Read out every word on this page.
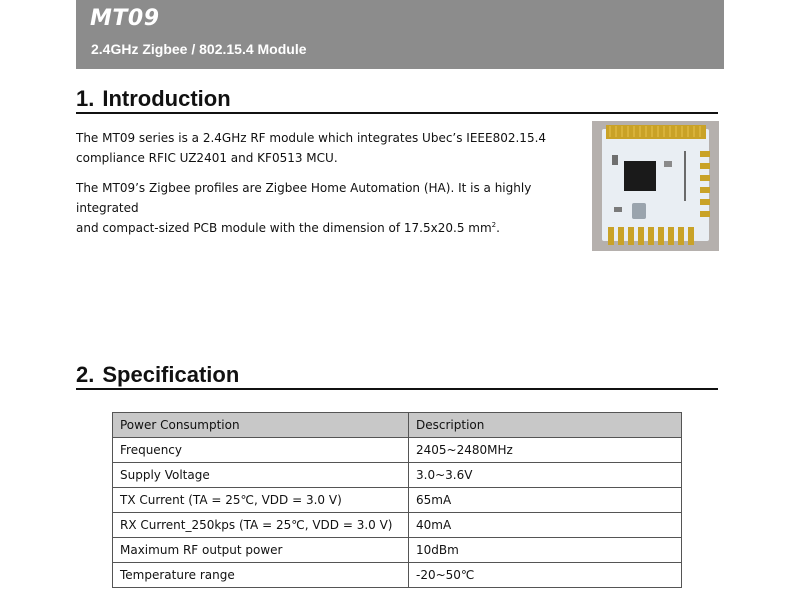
MT09
2.4GHz Zigbee / 802.15.4 Module
1. Introduction
The MT09 series is a 2.4GHz RF module which integrates Ubec’s IEEE802.15.4
compliance RFIC UZ2401 and KF0513 MCU.
The MT09’s Zigbee profiles are Zigbee Home Automation (HA). It is a highly integrated
and compact-sized PCB module with the dimension of 17.5x20.5 $mm^2$.
2. Specification
Power Consumption	Description
Frequency	2405~2480MHz
Supply Voltage	3.0~3.6V
TX Current (TA = 25℃, VDD = 3.0 V)	65mA
RX Current_250kps (TA = 25℃, VDD = 3.0 V)	40mA
Maximum RF output power	10dBm
Temperature range	-20~50℃
